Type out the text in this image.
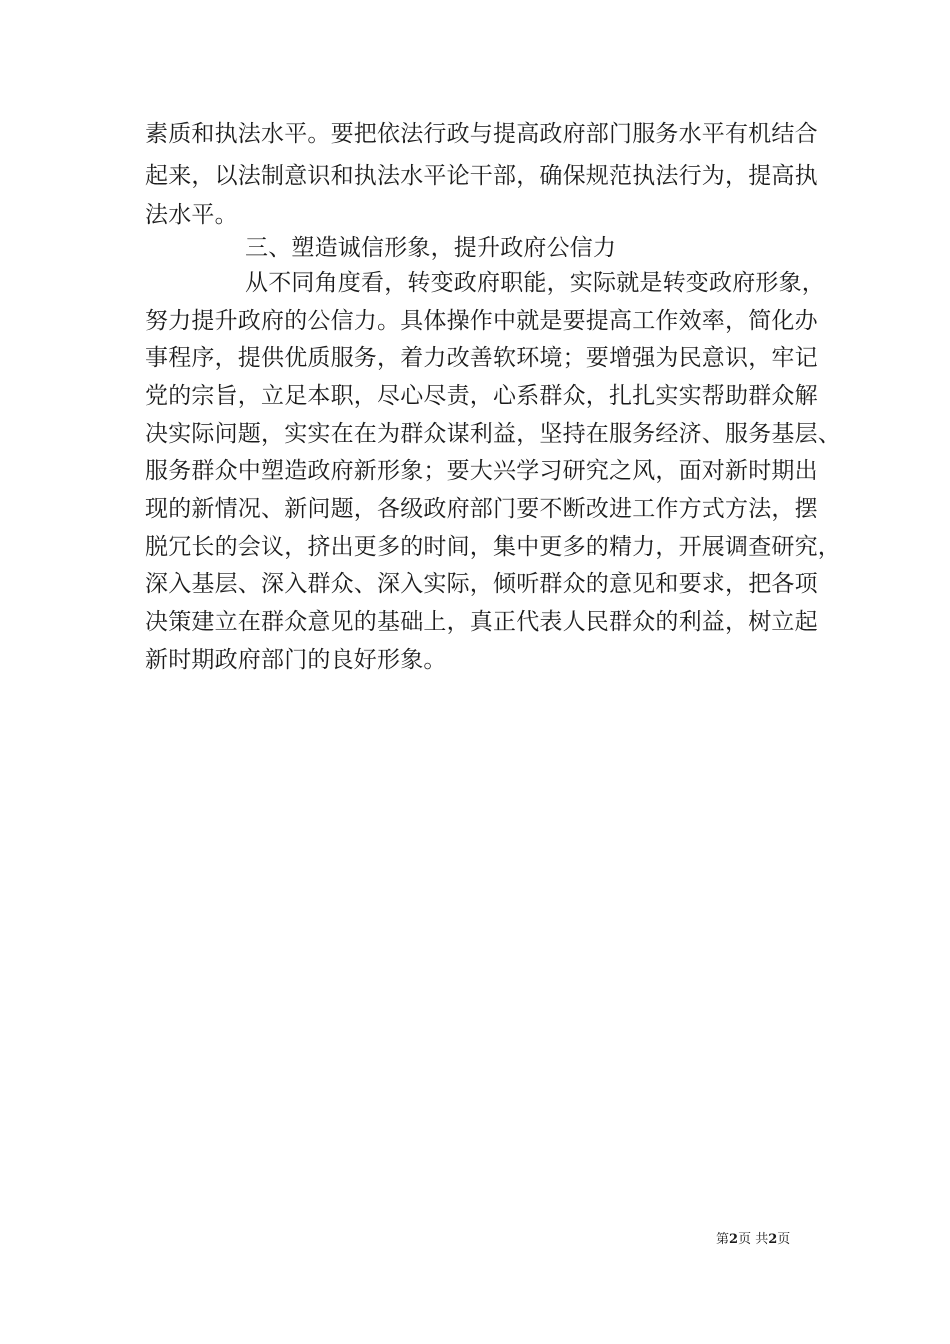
素质和执法水平。要把依法行政与提高政府部门服务水平有机结合
起来，以法制意识和执法水平论干部，确保规范执法行为，提高执
法水平。
三、塑造诚信形象，提升政府公信力
从不同角度看，转变政府职能，实际就是转变政府形象，
努力提升政府的公信力。具体操作中就是要提高工作效率，简化办
事程序，提供优质服务，着力改善软环境；要增强为民意识，牢记
党的宗旨，立足本职，尽心尽责，心系群众，扎扎实实帮助群众解
决实际问题，实实在在为群众谋利益，坚持在服务经济、服务基层、
服务群众中塑造政府新形象；要大兴学习研究之风，面对新时期出
现的新情况、新问题，各级政府部门要不断改进工作方式方法，摆
脱冗长的会议，挤出更多的时间，集中更多的精力，开展调查研究，
深入基层、深入群众、深入实际，倾听群众的意见和要求，把各项
决策建立在群众意见的基础上，真正代表人民群众的利益，树立起
新时期政府部门的良好形象。
第2页 共2页
